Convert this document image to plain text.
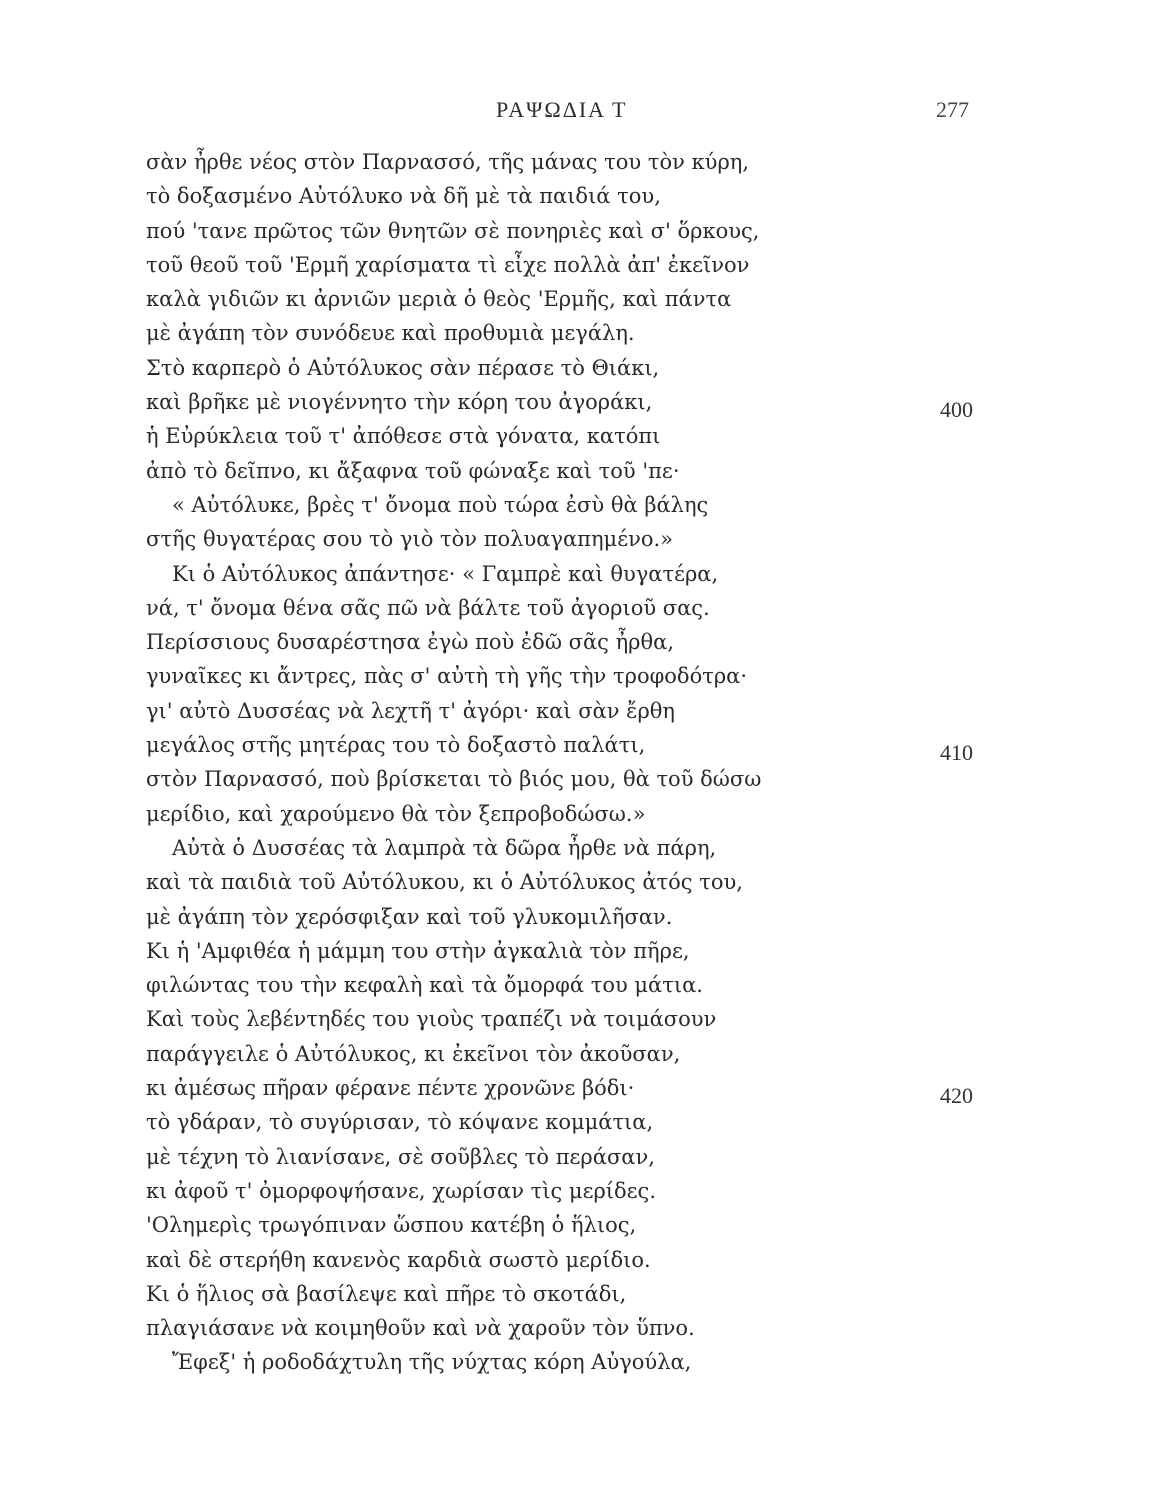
ΡΑΨΩΔΙΑ Τ	277
σὰν ἦρθε νέος στὸν Παρνασσό, τῆς μάνας του τὸν κύρη,
τὸ δοξασμένο Αὐτόλυκο νὰ δῆ μὲ τὰ παιδιά του,
πού 'τανε πρῶτος τῶν θνητῶν σὲ πονηριὲς καὶ σ' ὅρκους,
τοῦ θεοῦ τοῦ 'Ερμῆ χαρίσματα τὶ εἶχε πολλὰ ἀπ' ἐκεῖνον
καλὰ γιδιῶν κι ἀρνιῶν μεριὰ ὁ θεὸς 'Ερμῆς, καὶ πάντα
μὲ ἀγάπη τὸν συνόδευε καὶ προθυμιὰ μεγάλη.
Στὸ καρπερὸ ὁ Αὐτόλυκος σὰν πέρασε τὸ Θιάκι,
καὶ βρῆκε μὲ νιογέννητο τὴν κόρη του ἀγοράκι,
ἡ Εὐρύκλεια τοῦ τ' ἀπόθεσε στὰ γόνατα, κατόπι
ἀπὸ τὸ δεῖπνο, κι ἄξαφνα τοῦ φώναξε καὶ τοῦ 'πε·
« Αὐτόλυκε, βρὲς τ' ὄνομα ποὺ τώρα ἐσὺ θὰ βάλης
στῆς θυγατέρας σου τὸ γιὸ τὸν πολυαγαπημένο.»
Κι ὁ Αὐτόλυκος ἀπάντησε· « Γαμπρὲ καὶ θυγατέρα,
νά, τ' ὄνομα θένα σᾶς πῶ νὰ βάλτε τοῦ ἀγοριοῦ σας.
Περίσσιους δυσαρέστησα ἐγὼ ποὺ ἐδῶ σᾶς ἦρθα,
γυναῖκες κι ἄντρες, πὰς σ' αὐτὴ τὴ γῆς τὴν τροφοδότρα·
γι' αὐτὸ Δυσσέας νὰ λεχτῆ τ' ἀγόρι· καὶ σὰν ἔρθη
μεγάλος στῆς μητέρας του τὸ δοξαστὸ παλάτι,
στὸν Παρνασσό, ποὺ βρίσκεται τὸ βιός μου, θὰ τοῦ δώσω
μερίδιο, καὶ χαρούμενο θὰ τὸν ξεπροβοδώσω.»
Αὐτὰ ὁ Δυσσέας τὰ λαμπρὰ τὰ δῶρα ἦρθε νὰ πάρη,
καὶ τὰ παιδιὰ τοῦ Αὐτόλυκου, κι ὁ Αὐτόλυκος ἀτός του,
μὲ ἀγάπη τὸν χερόσφιξαν καὶ τοῦ γλυκομιλῆσαν.
Κι ἡ 'Αμφιθέα ἡ μάμμη του στὴν ἀγκαλιὰ τὸν πῆρε,
φιλώντας του τὴν κεφαλὴ καὶ τὰ ὄμορφά του μάτια.
Καὶ τοὺς λεβέντηδές του γιοὺς τραπέζι νὰ τοιμάσουν
παράγγειλε ὁ Αὐτόλυκος, κι ἐκεῖνοι τὸν ἀκοῦσαν,
κι ἀμέσως πῆραν φέρανε πέντε χρονῶνε βόδι·
τὸ γδάραν, τὸ συγύρισαν, τὸ κόψανε κομμάτια,
μὲ τέχνη τὸ λιανίσανε, σὲ σοῦβλες τὸ περάσαν,
κι ἀφοῦ τ' ὀμορφοψήσανε, χωρίσαν τὶς μερίδες.
'Ολημερὶς τρωγόπιναν ὥσπου κατέβη ὁ ἥλιος,
καὶ δὲ στερήθη κανενὸς καρδιὰ σωστὸ μερίδιο.
Κι ὁ ἥλιος σὰ βασίλεψε καὶ πῆρε τὸ σκοτάδι,
πλαγιάσανε νὰ κοιμηθοῦν καὶ νὰ χαροῦν τὸν ὕπνο.
Ἔφεξ' ἡ ροδοδάχτυλη τῆς νύχτας κόρη Αὐγούλα,
400
410
420
